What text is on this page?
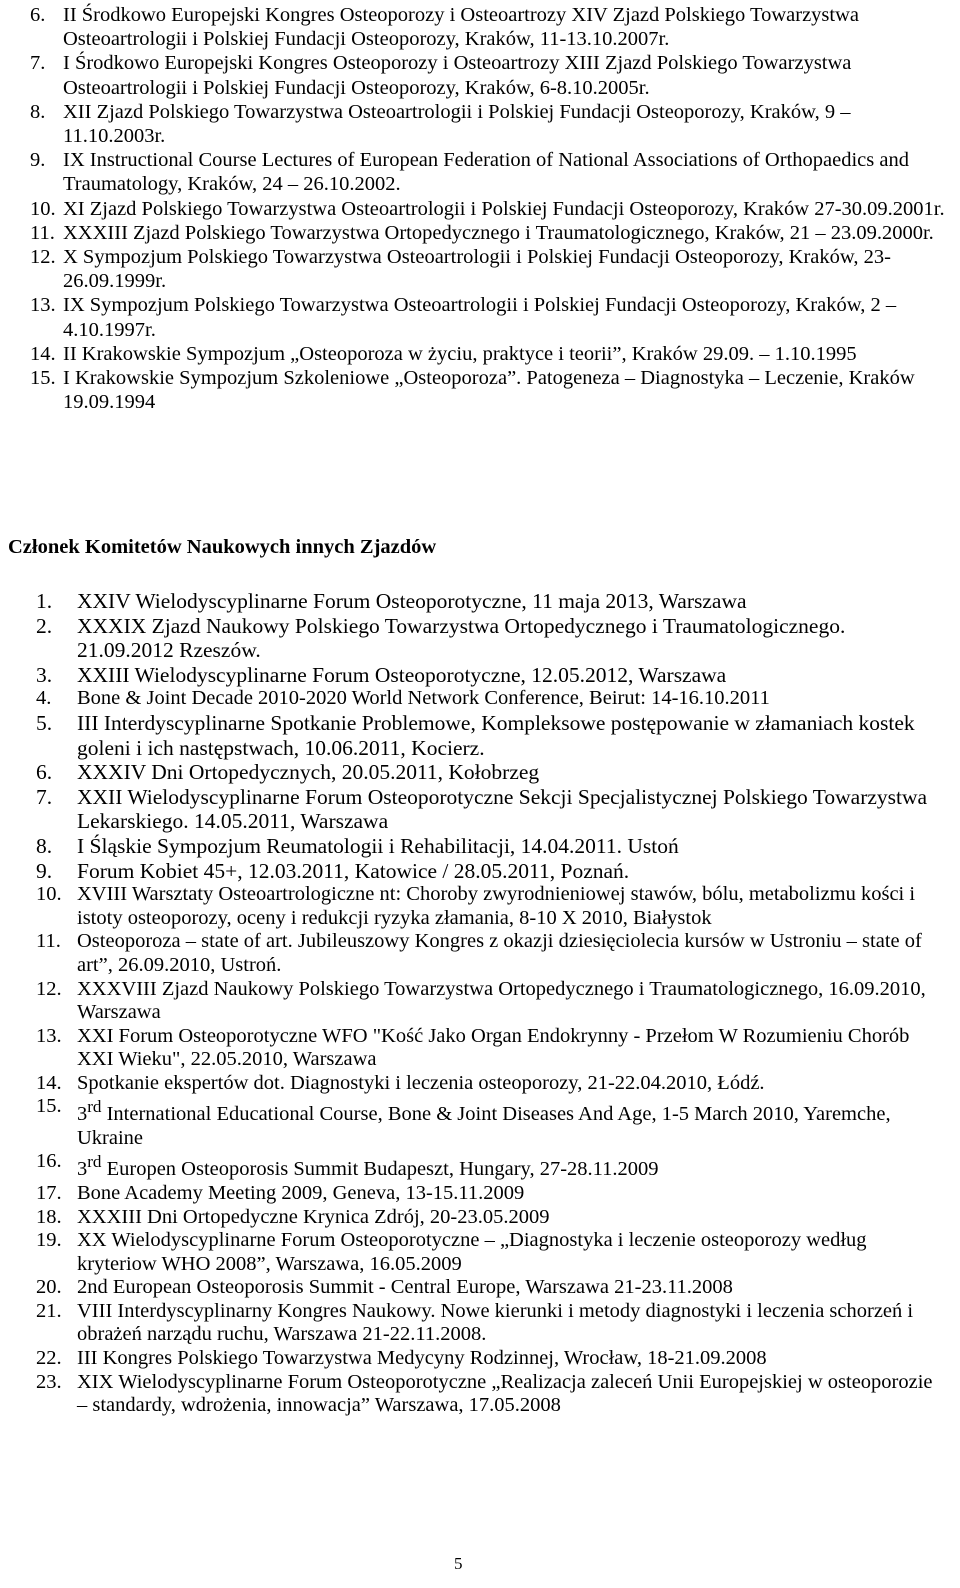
6. II Środkowo Europejski Kongres Osteoporozy i Osteoartrozy XIV Zjazd Polskiego Towarzystwa Osteoartrologii i Polskiej Fundacji Osteoporozy, Kraków, 11-13.10.2007r.
7. I Środkowo Europejski Kongres Osteoporozy i Osteoartrozy XIII Zjazd Polskiego Towarzystwa Osteoartrologii i Polskiej Fundacji Osteoporozy, Kraków, 6-8.10.2005r.
8. XII Zjazd Polskiego Towarzystwa Osteoartrologii i Polskiej Fundacji Osteoporozy, Kraków, 9 – 11.10.2003r.
9. IX Instructional Course Lectures of European Federation of National Associations of Orthopaedics and Traumatology, Kraków, 24 – 26.10.2002.
10. XI Zjazd Polskiego Towarzystwa Osteoartrologii i Polskiej Fundacji Osteoporozy, Kraków 27-30.09.2001r.
11. XXXIII Zjazd Polskiego Towarzystwa Ortopedycznego i Traumatologicznego, Kraków, 21 – 23.09.2000r.
12. X Sympozjum Polskiego Towarzystwa Osteoartrologii i Polskiej Fundacji Osteoporozy, Kraków, 23- 26.09.1999r.
13. IX Sympozjum Polskiego Towarzystwa Osteoartrologii i Polskiej Fundacji Osteoporozy, Kraków, 2 – 4.10.1997r.
14. II Krakowskie Sympozjum „Osteoporoza w życiu, praktyce i teorii”, Kraków 29.09. – 1.10.1995
15. I Krakowskie Sympozjum Szkoleniowe „Osteoporoza”. Patogeneza – Diagnostyka – Leczenie, Kraków 19.09.1994
Członek Komitetów Naukowych innych Zjazdów
1.	XXIV Wielodyscyplinarne Forum Osteoporotyczne, 11 maja 2013, Warszawa
2.	XXXIX Zjazd Naukowy Polskiego Towarzystwa Ortopedycznego i Traumatologicznego. 21.09.2012 Rzeszów.
3.	XXIII Wielodyscyplinarne Forum Osteoporotyczne, 12.05.2012, Warszawa
4.	Bone & Joint Decade 2010-2020 World Network Conference, Beirut: 14-16.10.2011
5.	III Interdyscyplinarne Spotkanie Problemowe, Kompleksowe postępowanie w złamaniach kostek goleni i ich następstwach, 10.06.2011, Kocierz.
6.	XXXIV Dni Ortopedycznych, 20.05.2011, Kołobrzeg
7.	XXII Wielodyscyplinarne Forum Osteoporotyczne Sekcji Specjalistycznej Polskiego Towarzystwa Lekarskiego. 14.05.2011, Warszawa
8.	I Śląskie Sympozjum Reumatologii i Rehabilitacji, 14.04.2011. Ustoń
9.	Forum Kobiet 45+, 12.03.2011, Katowice / 28.05.2011, Poznań.
10. XVIII Warsztaty Osteoartrologiczne nt: Choroby zwyrodnieniowej stawów, bólu, metabolizmu kości i istoty osteoporozy, oceny i redukcji ryzyka złamania, 8-10 X 2010, Białystok
11. Osteoporoza – state of art. Jubileuszowy Kongres z okazji dziesięciolecia kursów w Ustroniu – state of art”, 26.09.2010, Ustroń.
12. XXXVIII Zjazd Naukowy Polskiego Towarzystwa Ortopedycznego i Traumatologicznego, 16.09.2010, Warszawa
13. XXI Forum Osteoporotyczne WFO "Kość Jako Organ Endokrynny - Przełom W Rozumieniu Chorób XXI Wieku", 22.05.2010, Warszawa
14. Spotkanie ekspertów dot. Diagnostyki i leczenia osteoporozy, 21-22.04.2010, Łódź.
15. 3rd International Educational Course, Bone & Joint Diseases And Age, 1-5 March 2010, Yaremche, Ukraine
16. 3rd Europen Osteoporosis Summit Budapeszt, Hungary, 27-28.11.2009
17. Bone Academy Meeting 2009, Geneva, 13-15.11.2009
18. XXXIII Dni Ortopedyczne Krynica Zdrój, 20-23.05.2009
19. XX Wielodyscyplinarne Forum Osteoporotyczne – „Diagnostyka i leczenie osteoporozy według kryteriow WHO 2008”, Warszawa, 16.05.2009
20. 2nd European Osteoporosis Summit - Central Europe, Warszawa 21-23.11.2008
21. VIII Interdyscyplinarny Kongres Naukowy. Nowe kierunki i metody diagnostyki i leczenia schorzeń i obrażeń narządu ruchu, Warszawa 21-22.11.2008.
22. III Kongres Polskiego Towarzystwa Medycyny Rodzinnej, Wrocław, 18-21.09.2008
23. XIX Wielodyscyplinarne Forum Osteoporotyczne „Realizacja zaleceń Unii Europejskiej w osteoporozie – standardy, wdrożenia, innowacja” Warszawa, 17.05.2008
5
